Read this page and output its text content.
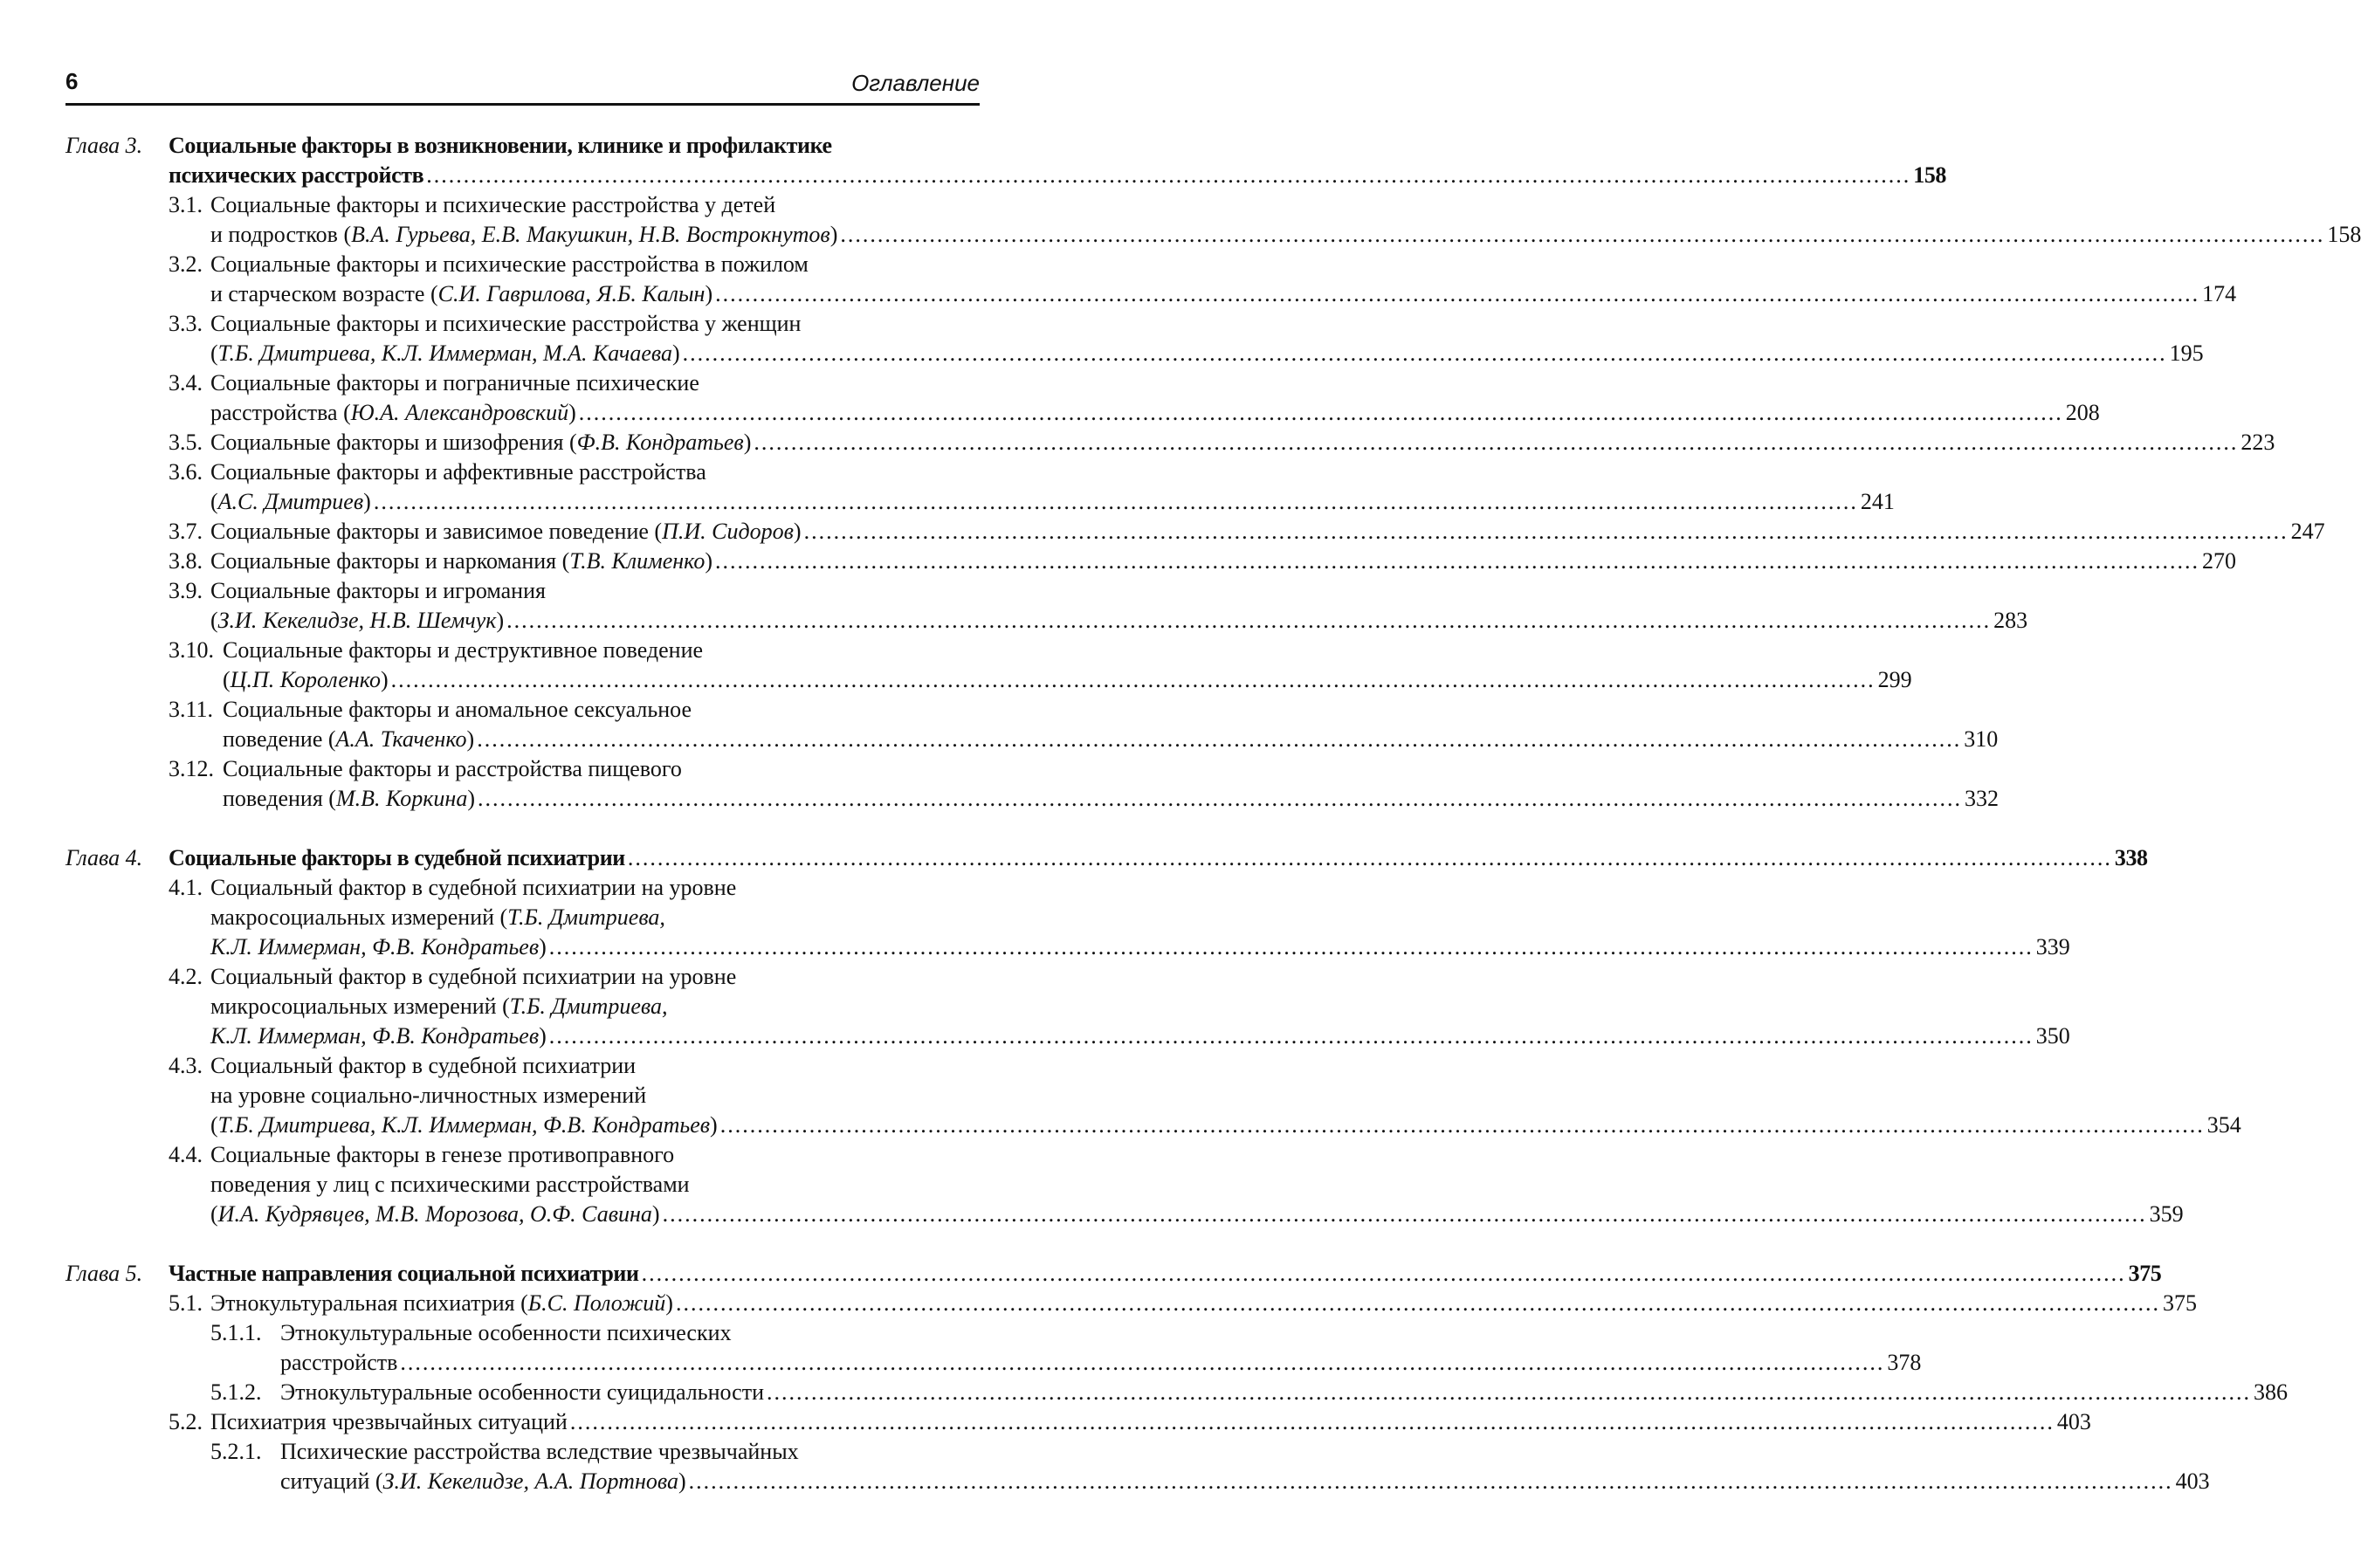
6	Оглавление
Глава 3. Социальные факторы в возникновении, клинике и профилактике
психических расстройств ........................................................................................................................................................................................................ 158
3.1. Социальные факторы и психические расстройства у детей
и подростков ( В.А. Гурьева, Е.В. Макушкин, Н.В. Вострокнутов ) ........................................................................................................................................................................................................ 158
3.2. Социальные факторы и психические расстройства в пожилом
и старческом возрасте ( С.И. Гаврилова, Я.Б. Калын ) ........................................................................................................................................................................................................ 174
3.3. Социальные факторы и психические расстройства у женщин
( Т.Б. Дмитриева, К.Л. Иммерман, М.А. Качаева ) ........................................................................................................................................................................................................ 195
3.4. Социальные факторы и пограничные психические
расстройства ( Ю.А. Александровский ) ........................................................................................................................................................................................................ 208
3.5. Социальные факторы и шизофрения ( Ф.В. Кондратьев ) ........................................................................................................................................................................................................ 223
3.6. Социальные факторы и аффективные расстройства
( А.С. Дмитриев ) ........................................................................................................................................................................................................ 241
3.7. Социальные факторы и зависимое поведение ( П.И. Сидоров ) ........................................................................................................................................................................................................ 247
3.8. Социальные факторы и наркомания ( Т.В. Клименко ) ........................................................................................................................................................................................................ 270
3.9. Социальные факторы и игромания
( З.И. Кекелидзе, Н.В. Шемчук ) ........................................................................................................................................................................................................ 283
3.10. Социальные факторы и деструктивное поведение
( Ц.П. Короленко ) ........................................................................................................................................................................................................ 299
3.11. Социальные факторы и аномальное сексуальное
поведение ( А.А. Ткаченко ) ........................................................................................................................................................................................................ 310
3.12. Социальные факторы и расстройства пищевого
поведения ( М.В. Коркина ) ........................................................................................................................................................................................................ 332
Глава 4. Социальные факторы в судебной психиатрии ........................................................................................................................................................................................................ 338
4.1. Социальный фактор в судебной психиатрии на уровне
макросоциальных измерений ( Т.Б. Дмитриева,
К.Л. Иммерман, Ф.В. Кондратьев ) ........................................................................................................................................................................................................ 339
4.2. Социальный фактор в судебной психиатрии на уровне
микросоциальных измерений ( Т.Б. Дмитриева,
К.Л. Иммерман, Ф.В. Кондратьев ) ........................................................................................................................................................................................................ 350
4.3. Социальный фактор в судебной психиатрии
на уровне социально-личностных измерений
( Т.Б. Дмитриева, К.Л. Иммерман, Ф.В. Кондратьев ) ........................................................................................................................................................................................................ 354
4.4. Социальные факторы в генезе противоправного
поведения у лиц с психическими расстройствами
( И.А. Кудрявцев, М.В. Морозова, О.Ф. Савина ) ........................................................................................................................................................................................................ 359
Глава 5. Частные направления социальной психиатрии ........................................................................................................................................................................................................ 375
5.1. Этнокультуральная психиатрия ( Б.С. Положий ) ........................................................................................................................................................................................................ 375
5.1.1. Этнокультуральные особенности психических
расстройств ........................................................................................................................................................................................................ 378
5.1.2. Этнокультуральные особенности суицидальности ........................................................................................................................................................................................................ 386
5.2. Психиатрия чрезвычайных ситуаций ........................................................................................................................................................................................................ 403
5.2.1. Психические расстройства вследствие чрезвычайных
ситуаций ( З.И. Кекелидзе, А.А. Портнова ) ........................................................................................................................................................................................................ 403
